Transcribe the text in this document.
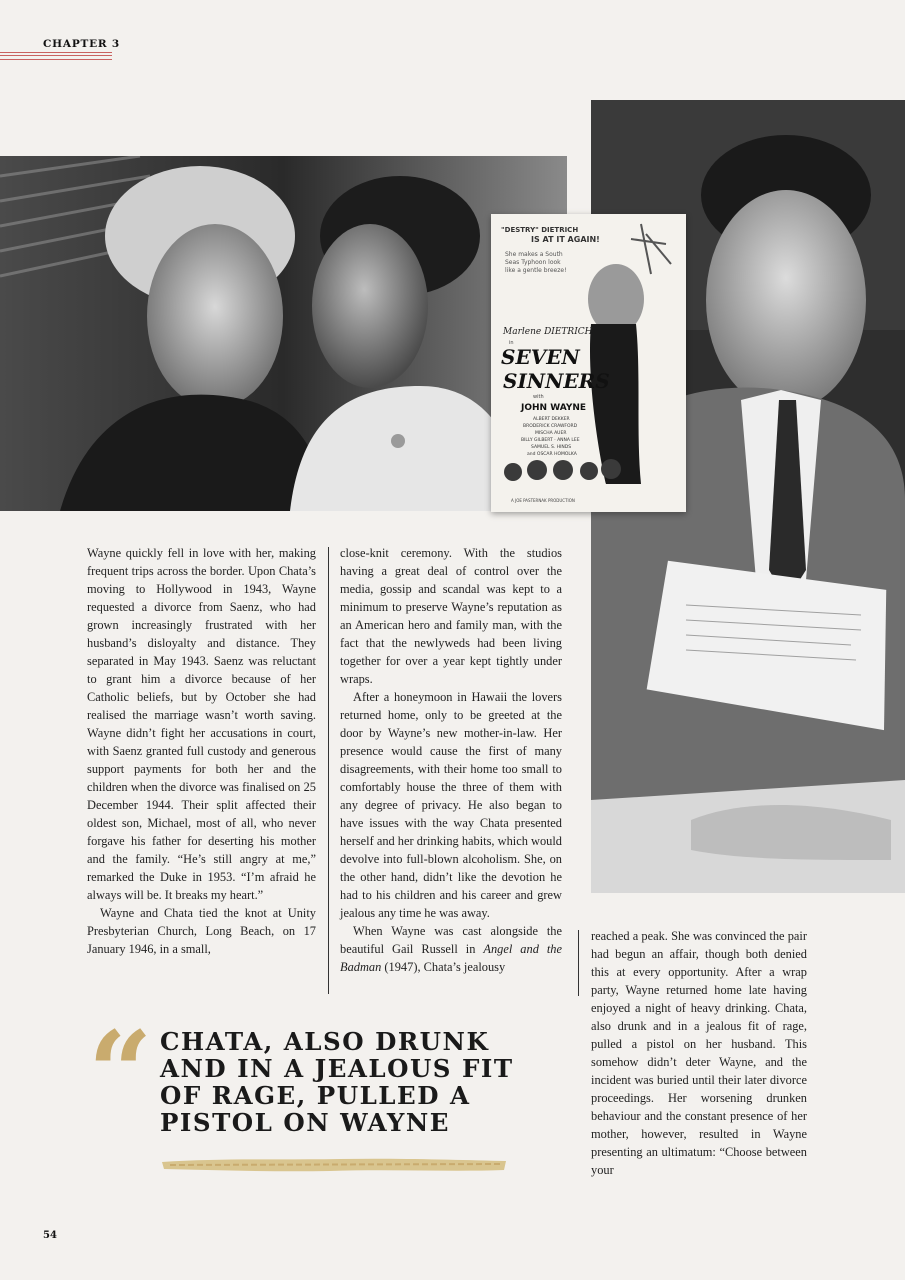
CHAPTER 3
"DESTRY" DIETRICH
IS AT IT AGAIN!
She makes a South
Seas Typhoon look
like a gentle breeze!
Marlene DIETRICH
in
SEVEN
SINNERS
with
JOHN WAYNE
ALBERT DEKKER
BRODERICK CRAWFORD
MISCHA AUER
BILLY GILBERT · ANNA LEE
SAMUEL S. HINDS
and OSCAR HOMOLKA
A JOE PASTERNAK PRODUCTION

Wayne quickly fell in love with her, making frequent trips across the border. Upon Chata’s moving to Hollywood in 1943, Wayne requested a divorce from Saenz, who had grown increasingly frustrated with her husband’s disloyalty and distance. They separated in May 1943. Saenz was reluctant to grant him a divorce because of her Catholic beliefs, but by October she had realised the marriage wasn’t worth saving. Wayne didn’t fight her accusations in court, with Saenz granted full custody and generous support payments for both her and the children when the divorce was finalised on 25 December 1944. Their split affected their oldest son, Michael, most of all, who never forgave his father for deserting his mother and the family. “He’s still angry at me,” remarked the Duke in 1953. “I’m afraid he always will be. It breaks my heart.”

Wayne and Chata tied the knot at Unity Presbyterian Church, Long Beach, on 17 January 1946, in a small,

close-knit ceremony. With the studios having a great deal of control over the media, gossip and scandal was kept to a minimum to preserve Wayne’s reputation as an American hero and family man, with the fact that the newlyweds had been living together for over a year kept tightly under wraps.

After a honeymoon in Hawaii the lovers returned home, only to be greeted at the door by Wayne’s new mother-in-law. Her presence would cause the first of many disagreements, with their home too small to comfortably house the three of them with any degree of privacy. He also began to have issues with the way Chata presented herself and her drinking habits, which would devolve into full-blown alcoholism. She, on the other hand, didn’t like the devotion he had to his children and his career and grew jealous any time he was away.

When Wayne was cast alongside the beautiful Gail Russell in Angel and the Badman (1947), Chata’s jealousy

reached a peak. She was convinced the pair had begun an affair, though both denied this at every opportunity. After a wrap party, Wayne returned home late having enjoyed a night of heavy drinking. Chata, also drunk and in a jealous fit of rage, pulled a pistol on her husband. This somehow didn’t deter Wayne, and the incident was buried until their later divorce proceedings. Her worsening drunken behaviour and the constant presence of her mother, however, resulted in Wayne presenting an ultimatum: “Choose between your

“ CHATA, ALSO DRUNK AND IN A JEALOUS FIT OF RAGE, PULLED A PISTOL ON WAYNE
54
